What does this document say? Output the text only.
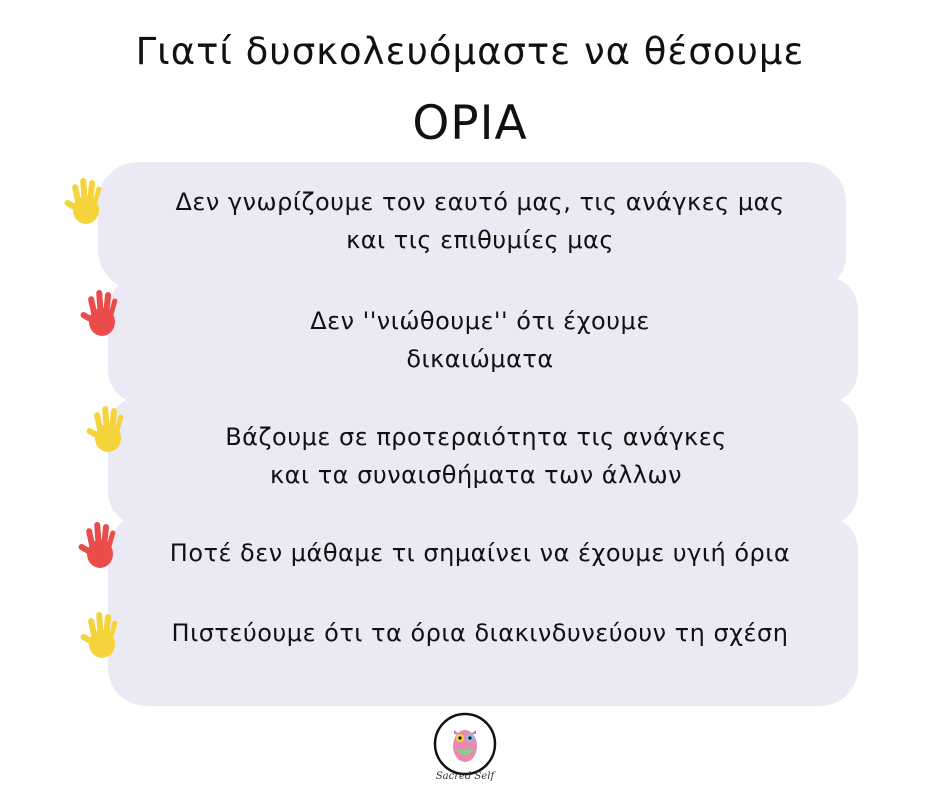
Γιατί δυσκολευόμαστε να θέσουμε
ΟΡΙΑ
Δεν γνωρίζουμε τον εαυτό μας, τις ανάγκες μας
και τις επιθυμίες μας
Δεν ''νιώθουμε'' ότι έχουμε
δικαιώματα
Βάζουμε σε προτεραιότητα τις ανάγκες
και τα συναισθήματα των άλλων
Ποτέ δεν μάθαμε τι σημαίνει να έχουμε υγιή όρια
Πιστεύουμε ότι τα όρια διακινδυνεύουν τη σχέση
Sacred Self
